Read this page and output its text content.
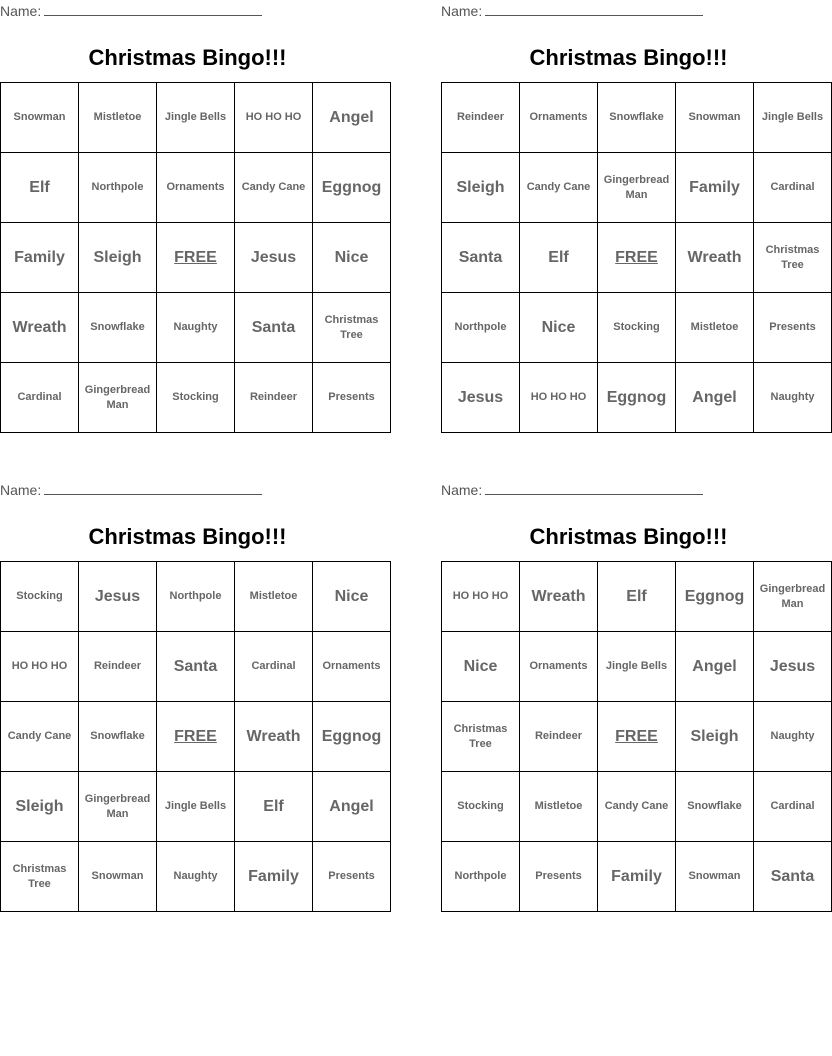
Name:
Christmas Bingo!!!
Snowman	Mistletoe	Jingle Bells	HO HO HO	Angel
Elf	Northpole	Ornaments	Candy Cane	Eggnog
Family	Sleigh	FREE	Jesus	Nice
Wreath	Snowflake	Naughty	Santa	Christmas Tree
Cardinal	Gingerbread Man	Stocking	Reindeer	Presents
Name:
Christmas Bingo!!!
Reindeer	Ornaments	Snowflake	Snowman	Jingle Bells
Sleigh	Candy Cane	Gingerbread Man	Family	Cardinal
Santa	Elf	FREE	Wreath	Christmas Tree
Northpole	Nice	Stocking	Mistletoe	Presents
Jesus	HO HO HO	Eggnog	Angel	Naughty
Name:
Christmas Bingo!!!
Stocking	Jesus	Northpole	Mistletoe	Nice
HO HO HO	Reindeer	Santa	Cardinal	Ornaments
Candy Cane	Snowflake	FREE	Wreath	Eggnog
Sleigh	Gingerbread Man	Jingle Bells	Elf	Angel
Christmas Tree	Snowman	Naughty	Family	Presents
Name:
Christmas Bingo!!!
HO HO HO	Wreath	Elf	Eggnog	Gingerbread Man
Nice	Ornaments	Jingle Bells	Angel	Jesus
Christmas Tree	Reindeer	FREE	Sleigh	Naughty
Stocking	Mistletoe	Candy Cane	Snowflake	Cardinal
Northpole	Presents	Family	Snowman	Santa
